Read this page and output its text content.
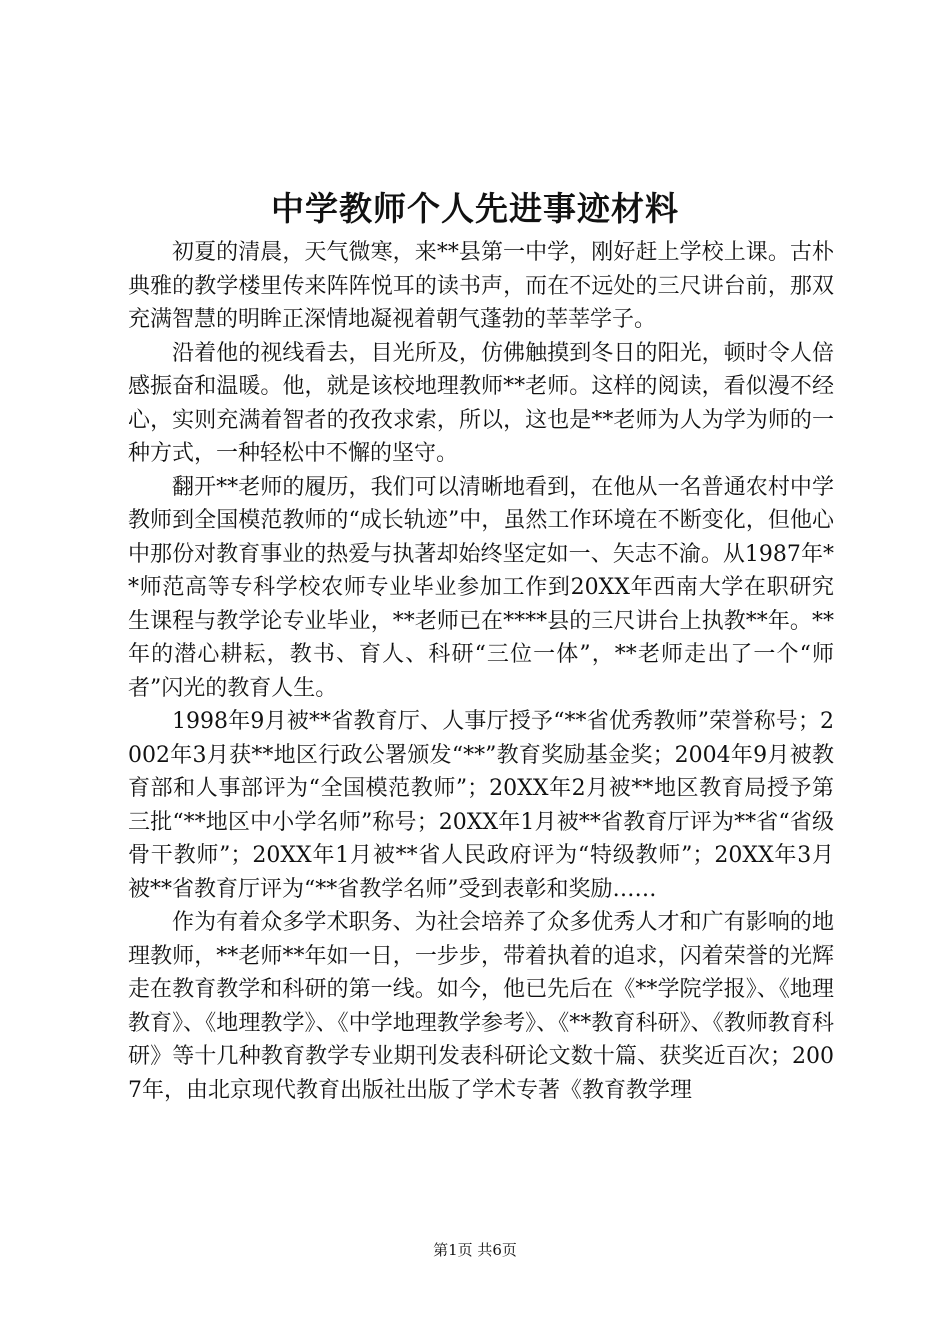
中学教师个人先进事迹材料

初夏的清晨，天气微寒，来**县第一中学，刚好赶上学校上课。古朴典雅的教学楼里传来阵阵悦耳的读书声，而在不远处的三尺讲台前，那双充满智慧的明眸正深情地凝视着朝气蓬勃的莘莘学子。

沿着他的视线看去，目光所及，仿佛触摸到冬日的阳光，顿时令人倍感振奋和温暖。他，就是该校地理教师**老师。这样的阅读，看似漫不经心，实则充满着智者的孜孜求索，所以，这也是**老师为人为学为师的一种方式，一种轻松中不懈的坚守。

翻开**老师的履历，我们可以清晰地看到，在他从一名普通农村中学教师到全国模范教师的“成长轨迹”中，虽然工作环境在不断变化，但他心中那份对教育事业的热爱与执著却始终坚定如一、矢志不渝。从1987年**师范高等专科学校农师专业毕业参加工作到20XX年西南大学在职研究生课程与教学论专业毕业，**老师已在****县的三尺讲台上执教**年。**年的潜心耕耘，教书、育人、科研“三位一体”，**老师走出了一个“师者”闪光的教育人生。

1998年9月被**省教育厅、人事厅授予“**省优秀教师”荣誉称号；2002年3月获**地区行政公署颁发“**”教育奖励基金奖；2004年9月被教育部和人事部评为“全国模范教师”；20XX年2月被**地区教育局授予第三批“**地区中小学名师”称号；20XX年1月被**省教育厅评为**省“省级骨干教师”；20XX年1月被**省人民政府评为“特级教师”；20XX年3月被**省教育厅评为“**省教学名师”受到表彰和奖励……

作为有着众多学术职务、为社会培养了众多优秀人才和广有影响的地理教师，**老师**年如一日，一步步，带着执着的追求，闪着荣誉的光辉走在教育教学和科研的第一线。如今，他已先后在《**学院学报》、《地理教育》、《地理教学》、《中学地理教学参考》、《**教育科研》、《教师教育科研》等十几种教育教学专业期刊发表科研论文数十篇、获奖近百次；2007年，由北京现代教育出版社出版了学术专著《教育教学理

第1页 共6页
